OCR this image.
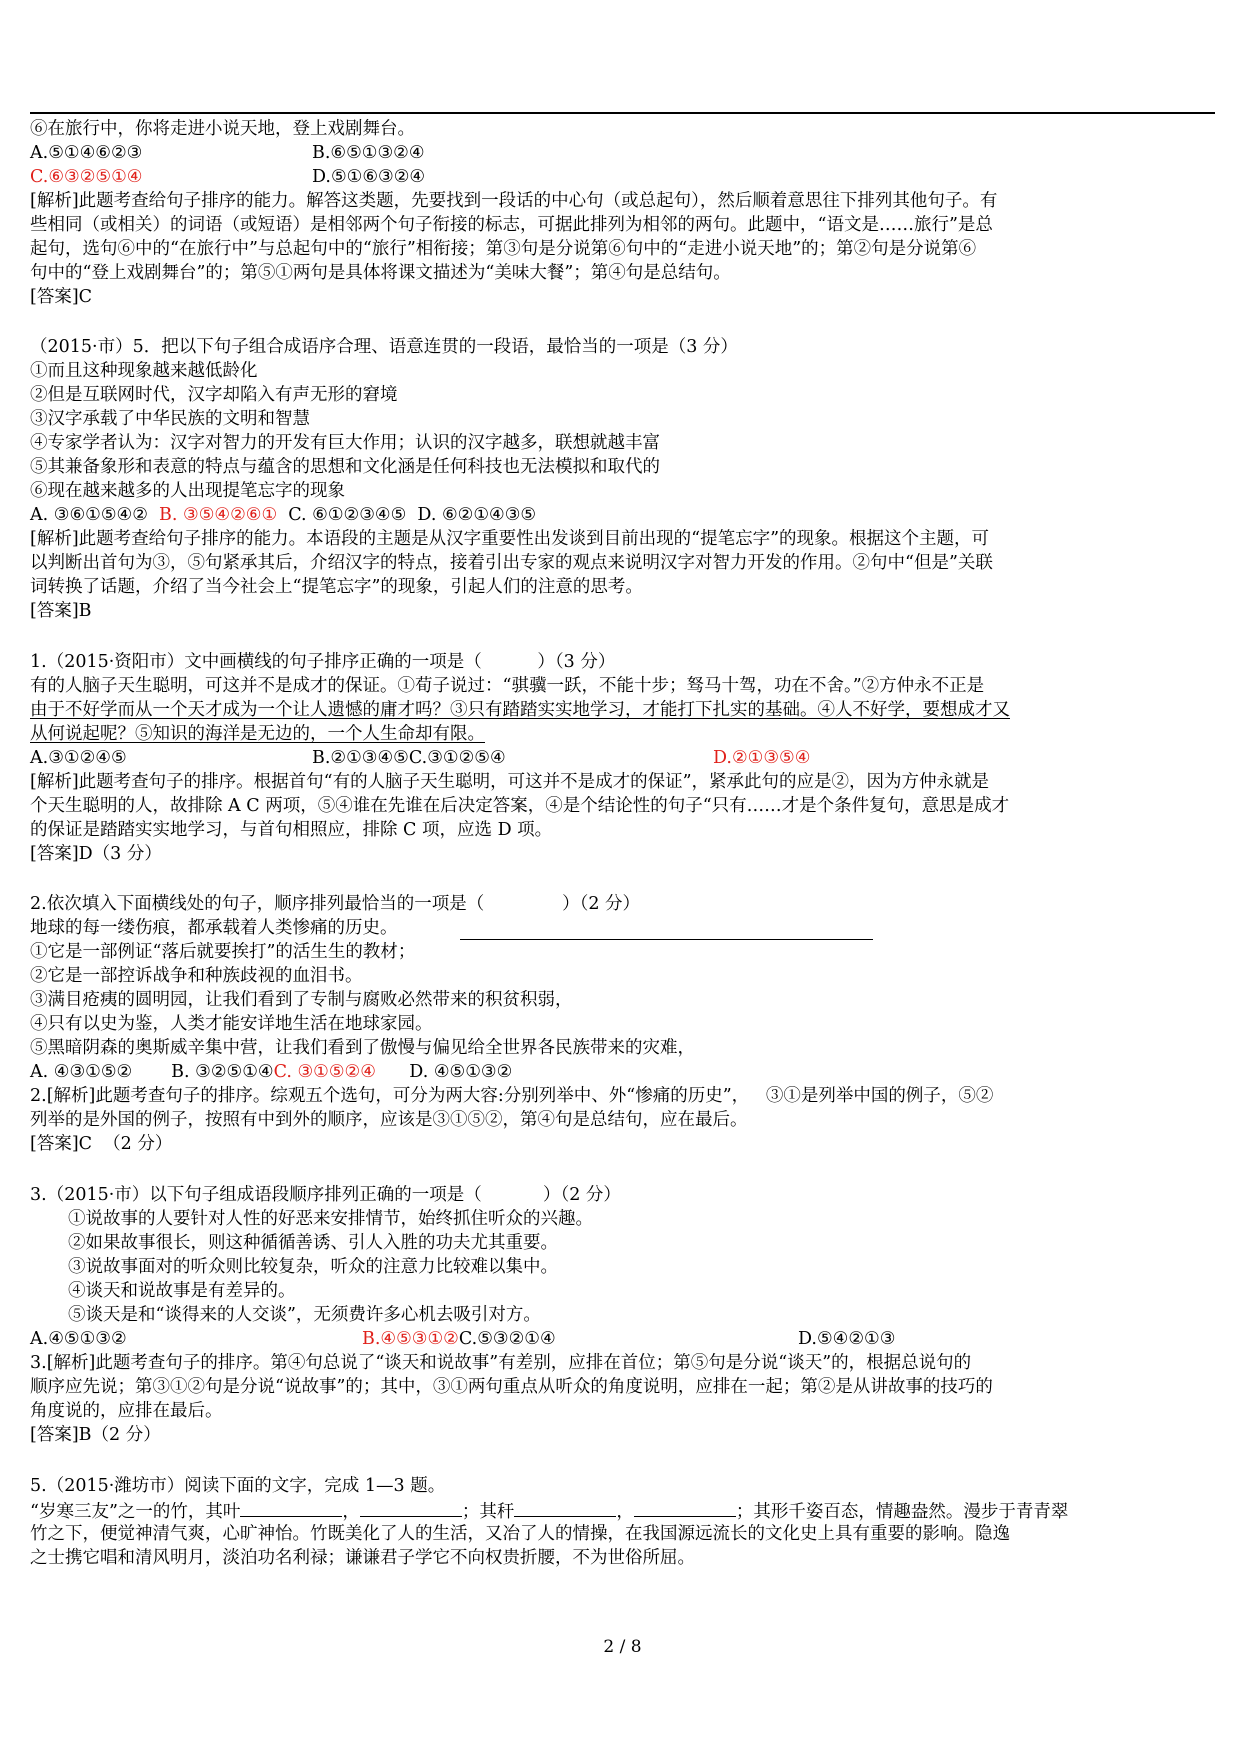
⑥在旅行中，你将走进小说天地，登上戏剧舞台。
A.⑤①④⑥②③	B.⑥⑤①③②④
C.⑥③②⑤①④	D.⑤①⑥③②④
[解析]此题考查给句子排序的能力。解答这类题，先要找到一段话的中心句（或总起句），然后顺着意思往下排列其他句子。有
些相同（或相关）的词语（或短语）是相邻两个句子衔接的标志，可据此排列为相邻的两句。此题中，“语文是……旅行”是总
起句，选句⑥中的“在旅行中”与总起句中的“旅行”相衔接；第③句是分说第⑥句中的“走进小说天地”的；第②句是分说第⑥
句中的“登上戏剧舞台”的；第⑤①两句是具体将课文描述为“美味大餐”；第④句是总结句。
[答案]C
（2015·市）5．把以下句子组合成语序合理、语意连贯的一段语，最恰当的一项是（3 分）
①而且这种现象越来越低龄化
②但是互联网时代，汉字却陷入有声无形的窘境
③汉字承载了中华民族的文明和智慧
④专家学者认为：汉字对智力的开发有巨大作用；认识的汉字越多，联想就越丰富
⑤其兼备象形和表意的特点与蕴含的思想和文化涵是任何科技也无法模拟和取代的
⑥现在越来越多的人出现提笔忘字的现象
A. ③⑥①⑤④②  B. ③⑤④②⑥①  C. ⑥①②③④⑤  D. ⑥②①④③⑤
[解析]此题考查给句子排序的能力。本语段的主题是从汉字重要性出发谈到目前出现的“提笔忘字”的现象。根据这个主题，可
以判断出首句为③，⑤句紧承其后，介绍汉字的特点，接着引出专家的观点来说明汉字对智力开发的作用。②句中“但是”关联
词转换了话题，介绍了当今社会上“提笔忘字”的现象，引起人们的注意的思考。
[答案]B
1.（2015·资阳市）文中画横线的句子排序正确的一项是（          ）（3 分）
有的人脑子天生聪明，可这并不是成才的保证。①荀子说过：“骐骥一跃，不能十步；驽马十驾，功在不舍。”②方仲永不正是
由于不好学而从一个天才成为一个让人遗憾的庸才吗？③只有踏踏实实地学习，才能打下扎实的基础。④人不好学，要想成才又
从何说起呢？⑤知识的海洋是无边的，一个人生命却有限。
A.③①②④⑤	B.②①③④⑤C.③①②⑤④	D.②①③⑤④
[解析]此题考查句子的排序。根据首句“有的人脑子天生聪明，可这并不是成才的保证”，紧承此句的应是②，因为方仲永就是
个天生聪明的人，故排除 A C 两项，⑤④谁在先谁在后决定答案，④是个结论性的句子“只有……才是个条件复句，意思是成才
的保证是踏踏实实地学习，与首句相照应，排除 C 项，应选 D 项。
[答案]D（3 分）
2.依次填入下面横线处的句子，顺序排列最恰当的一项是（              ）（2 分）
地球的每一缕伤痕，都承载着人类惨痛的历史。
①它是一部例证“落后就要挨打”的活生生的教材；
②它是一部控诉战争和种族歧视的血泪书。
③满目疮痍的圆明园，让我们看到了专制与腐败必然带来的积贫积弱，
④只有以史为鉴，人类才能安详地生活在地球家园。
⑤黑暗阴森的奥斯威辛集中营，让我们看到了傲慢与偏见给全世界各民族带来的灾难，
A. ④③①⑤②       B. ③②⑤①④C. ③①⑤②④      D. ④⑤①③②
2.[解析]此题考查句子的排序。综观五个选句，可分为两大容:分别列举中、外“惨痛的历史”，   ③①是列举中国的例子，⑤②
列举的是外国的例子，按照有中到外的顺序，应该是③①⑤②，第④句是总结句，应在最后。
[答案]C  （2 分）
3.（2015·市）以下句子组成语段顺序排列正确的一项是（           ）（2 分）
①说故事的人要针对人性的好恶来安排情节，始终抓住听众的兴趣。
②如果故事很长，则这种循循善诱、引人入胜的功夫尤其重要。
③说故事面对的听众则比较复杂，听众的注意力比较难以集中。
④谈天和说故事是有差异的。
⑤谈天是和“谈得来的人交谈”，无须费许多心机去吸引对方。
A.④⑤①③②	B.④⑤③①②C.⑤③②①④	D.⑤④②①③
3.[解析]此题考查句子的排序。第④句总说了“谈天和说故事”有差别，应排在首位；第⑤句是分说“谈天”的，根据总说句的
顺序应先说；第③①②句是分说“说故事”的；其中，③①两句重点从听众的角度说明，应排在一起；第②是从讲故事的技巧的
角度说的，应排在最后。
[答案]B（2 分）
5.（2015·潍坊市）阅读下面的文字，完成 1—3 题。
“岁寒三友”之一的竹，其叶	，	；其秆	，	；其形千姿百态，情趣盎然。漫步于青青翠
竹之下，便觉神清气爽，心旷神怡。竹既美化了人的生活，又冶了人的情操，在我国源远流长的文化史上具有重要的影响。隐逸
之士携它唱和清风明月，淡泊功名利禄；谦谦君子学它不向权贵折腰，不为世俗所屈。
2 / 8
